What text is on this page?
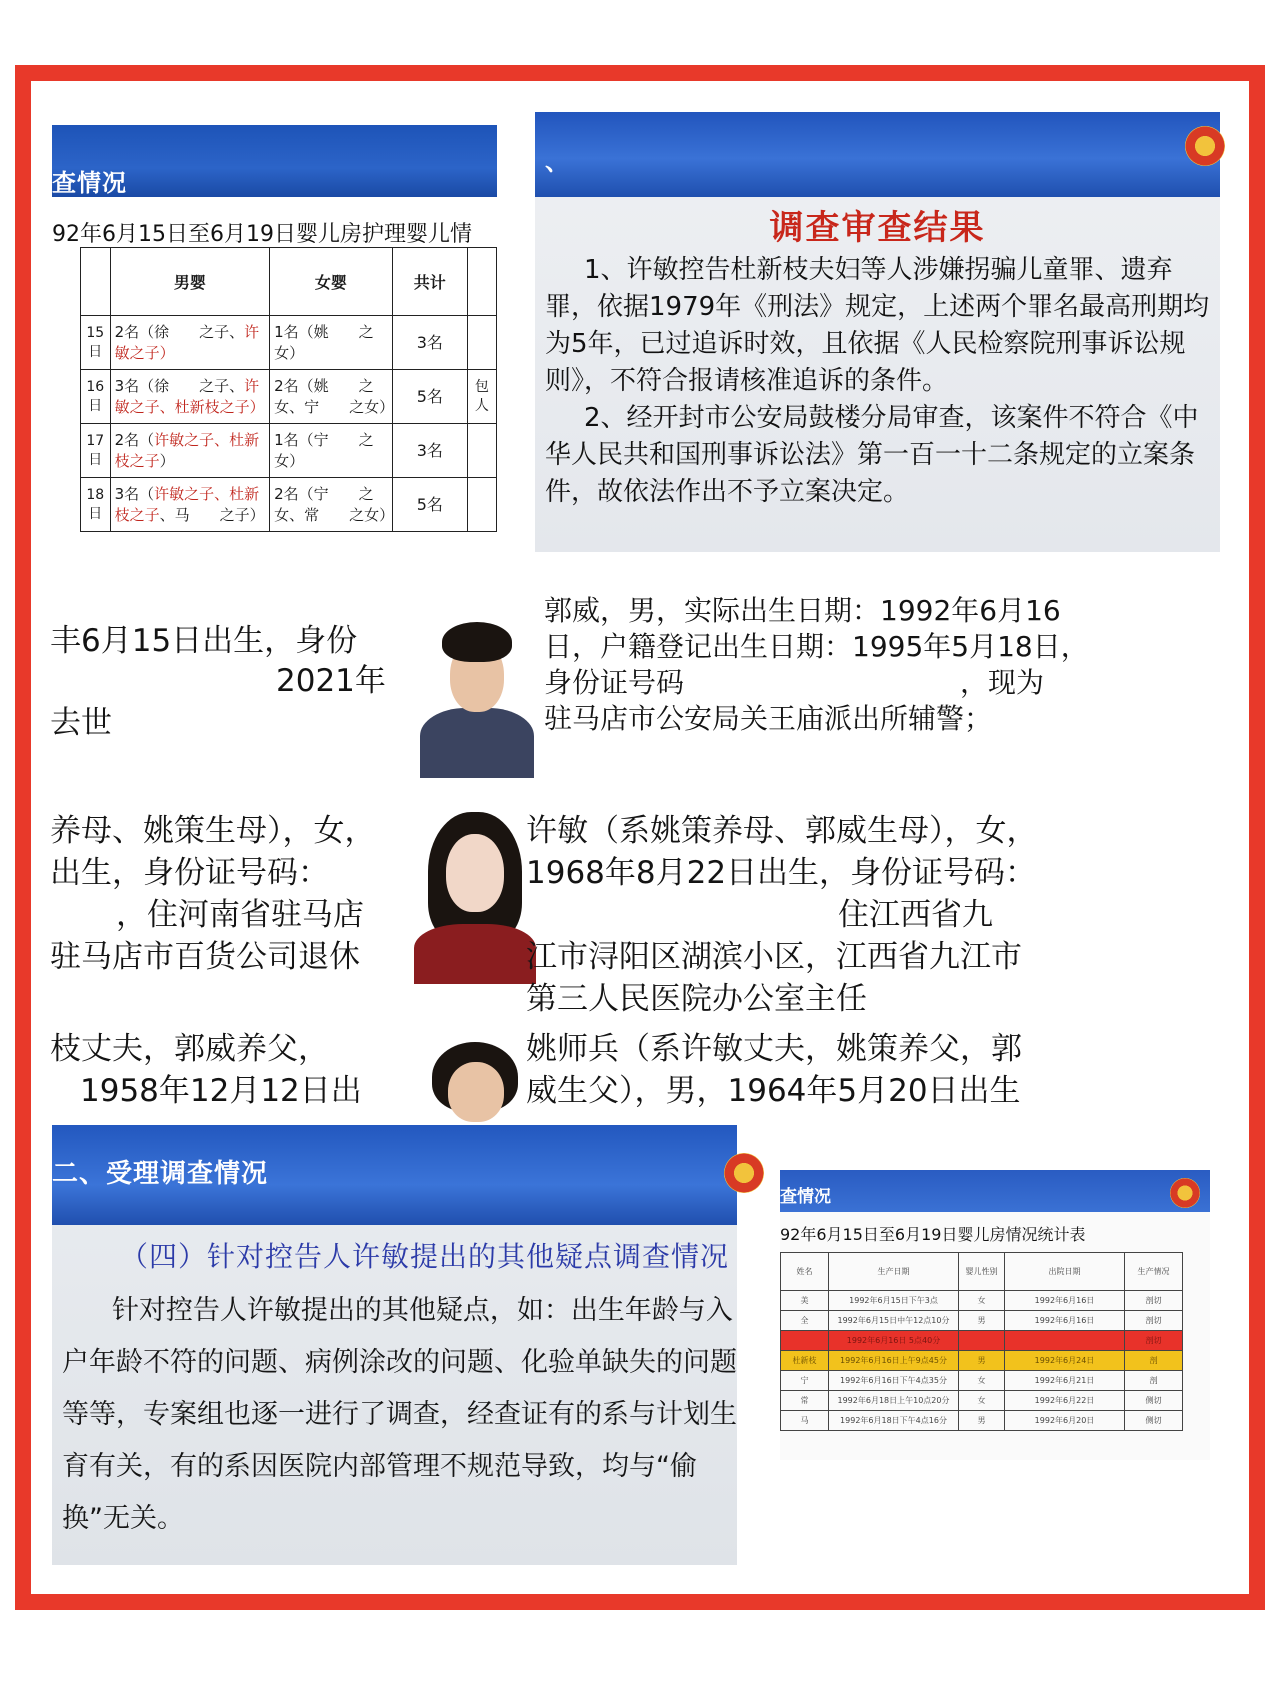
查情况
92年6月15日至6月19日婴儿房护理婴儿情
	男婴	女婴	共计	
15日	2名（徐　　之子、许敏之子）	1名（姚　　之女）	3名	
16日	3名（徐　　之子、许敏之子、杜新枝之子）	2名（姚　　之女、宁　　之女）	5名	包人
17日	2名（许敏之子、杜新枝之子）	1名（宁　　之女）	3名	
18日	3名（许敏之子、杜新枝之子、马　　之子）	2名（宁　　之女、常　　之女）	5名	
、
调查审查结果

1、许敏控告杜新枝夫妇等人涉嫌拐骗儿童罪、遗弃罪，依据1979年《刑法》规定，上述两个罪名最高刑期均为5年，已过追诉时效，且依据《人民检察院刑事诉讼规则》，不符合报请核准追诉的条件。

2、经开封市公安局鼓楼分局审查，该案件不符合《中华人民共和国刑事诉讼法》第一百一十二条规定的立案条件，故依法作出不予立案决定。

丰6月15日出生，身份
2021年
去世
郭威，男，实际出生日期：1992年6月16
日，户籍登记出生日期：1995年5月18日，
身份证号码	，现为
驻马店市公安局关王庙派出所辅警；
养母、姚策生母），女，
出生，身份证号码：
，住河南省驻马店
驻马店市百货公司退休
许敏（系姚策养母、郭威生母），女，
1968年8月22日出生，身份证号码：
住江西省九
江市浔阳区湖滨小区，江西省九江市
第三人民医院办公室主任
枝丈夫，郭威养父，
1958年12月12日出
姚师兵（系许敏丈夫，姚策养父，郭
威生父），男，1964年5月20日出生
二、受理调查情况
（四）针对控告人许敏提出的其他疑点调查情况

针对控告人许敏提出的其他疑点，如：出生年龄与入户年龄不符的问题、病例涂改的问题、化验单缺失的问题等等，专案组也逐一进行了调查，经查证有的系与计划生育有关，有的系因医院内部管理不规范导致，均与“偷换”无关。

查情况
92年6月15日至6月19日婴儿房情况统计表
姓名	生产日期	婴儿性别	出院日期	生产情况
美	1992年6月15日下午3点	女	1992年6月16日	剖切
全	1992年6月15日中午12点10分	男	1992年6月16日	剖切
	1992年6月16日 5点40分			剖切
杜新枝	1992年6月16日上午9点45分	男	1992年6月24日	剖
宁	1992年6月16日下午4点35分	女	1992年6月21日	剖
常	1992年6月18日上午10点20分	女	1992年6月22日	侧切
马	1992年6月18日下午4点16分	男	1992年6月20日	侧切
